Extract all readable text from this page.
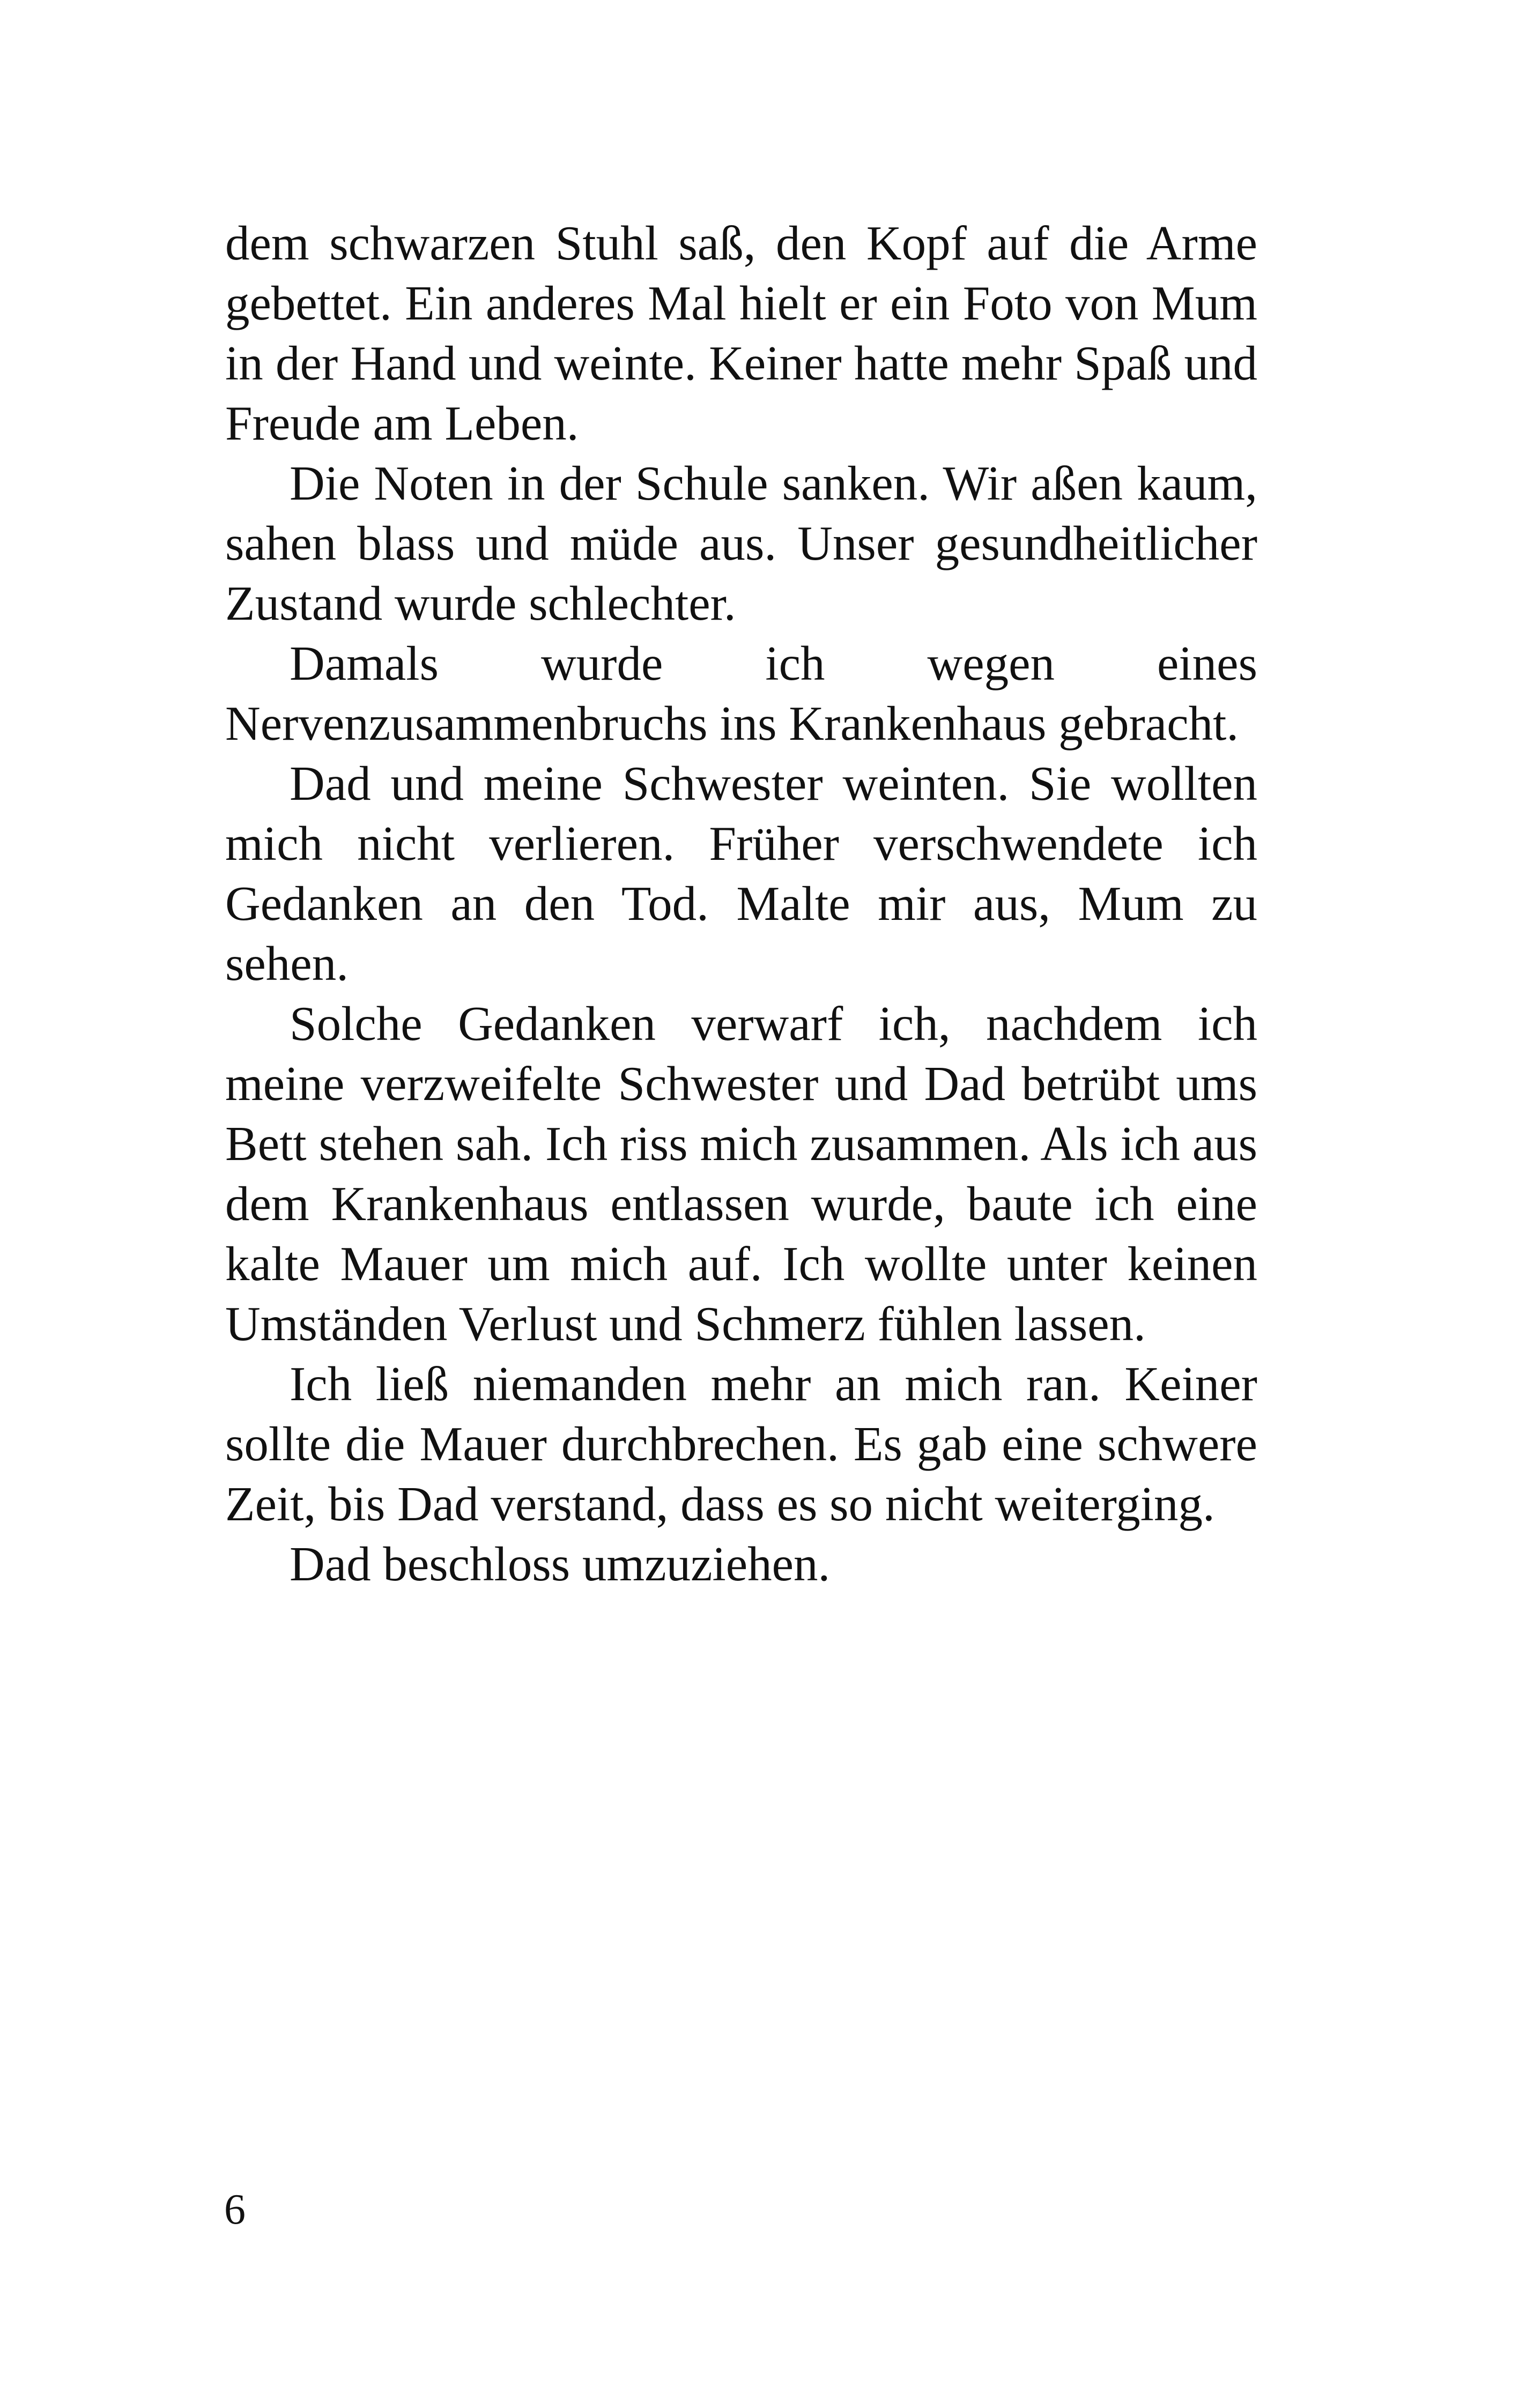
dem schwarzen Stuhl saß, den Kopf auf die Arme gebettet. Ein anderes Mal hielt er ein Foto von Mum in der Hand und weinte. Keiner hatte mehr Spaß und Freude am Leben.

Die Noten in der Schule sanken. Wir aßen kaum, sahen blass und müde aus. Unser gesundheitlicher Zustand wurde schlechter.

Damals wurde ich wegen eines Nervenzusammenbruchs ins Krankenhaus gebracht.

Dad und meine Schwester weinten. Sie wollten mich nicht verlieren. Früher verschwendete ich Gedanken an den Tod. Malte mir aus, Mum zu sehen.

Solche Gedanken verwarf ich, nachdem ich meine verzweifelte Schwester und Dad betrübt ums Bett stehen sah. Ich riss mich zusammen. Als ich aus dem Krankenhaus entlassen wurde, baute ich eine kalte Mauer um mich auf. Ich wollte unter keinen Umständen Verlust und Schmerz fühlen lassen.

Ich ließ niemanden mehr an mich ran. Keiner sollte die Mauer durchbrechen. Es gab eine schwere Zeit, bis Dad verstand, dass es so nicht weiterging.

Dad beschloss umzuziehen.

6
